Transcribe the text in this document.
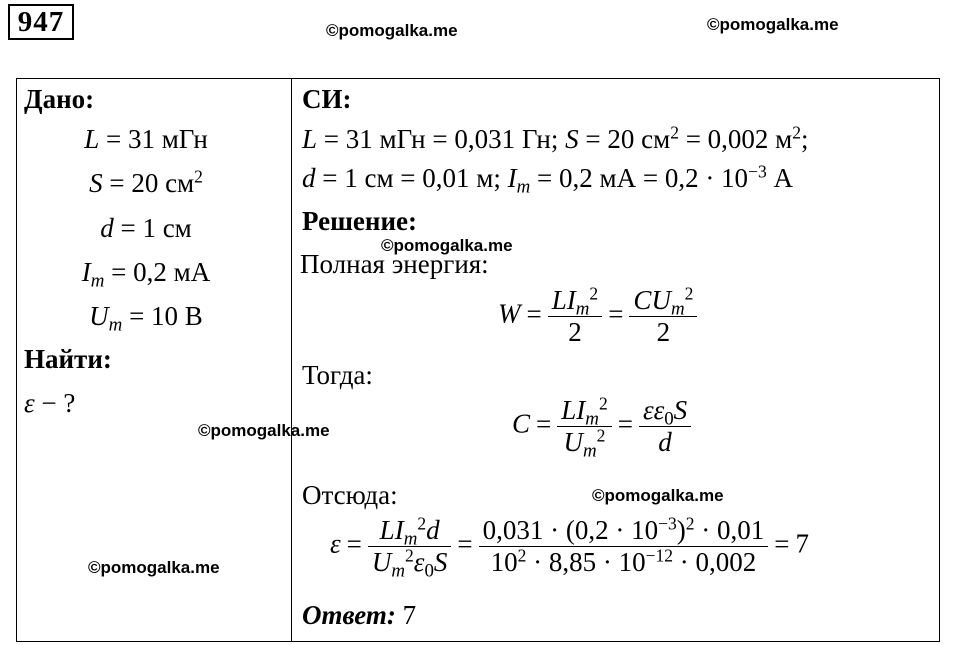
947	©pomogalka.me	©pomogalka.me
Дано:
L = 31 мГн
S = 20 $см^2$
d = 1 см
$I_m = 0,2$ мА
$U_m = 10$ В
Найти:
ε − ?
©pomogalka.me
©pomogalka.me
СИ:
L = 31 мГн = 0,031 Гн; S = 20 $см^2 = 0,002$ $м^2$;
d = 1 см = 0,01 м; $I_m = 0,2$ мА = $0,2 \cdot 10^{-3}$ А
Решение:
©pomogalka.me
Полная энергия:
$W = \frac{LI_m^2}{2} = \frac{CU_m^2}{2}$
Тогда:
$C = \frac{LI_m^2}{U_m^2} = \frac{\varepsilon\varepsilon_0S}{d}$
Отсюда:	©pomogalka.me
$\varepsilon = \frac{LI_m^2d}{U_m^2\varepsilon_0S} = \frac{0,031 \cdot (0,2 \cdot 10^{-3})^2 \cdot 0,01}{10^2 \cdot 8,85 \cdot 10^{-12} \cdot 0,002} = 7$
Ответ: 7
